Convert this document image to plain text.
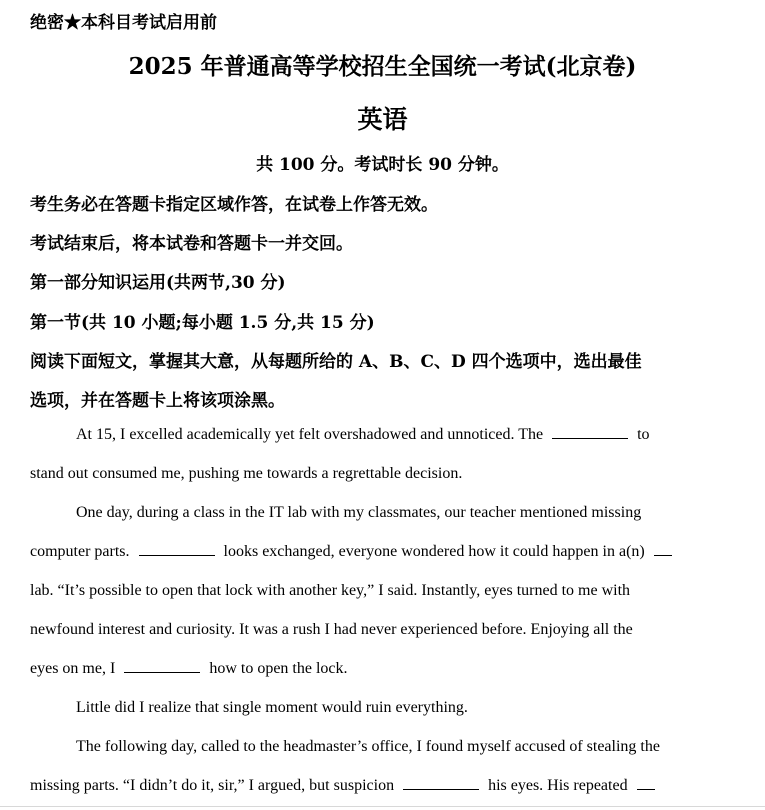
绝密★本科目考试启用前
2025 年普通高等学校招生全国统一考试(北京卷)
英语
共 100 分。考试时长 90 分钟。
考生务必在答题卡指定区域作答，在试卷上作答无效。
考试结束后，将本试卷和答题卡一并交回。
第一部分知识运用(共两节,30 分)
第一节(共 10 小题;每小题 1.5 分,共 15 分)
阅读下面短文，掌握其大意，从每题所给的 A、B、C、D 四个选项中，选出最佳
选项，并在答题卡上将该项涂黑。
At 15, I excelled academically yet felt overshadowed and unnoticed. The	to
stand out consumed me, pushing me towards a regrettable decision.
One day, during a class in the IT lab with my classmates, our teacher mentioned missing
computer parts.	looks exchanged, everyone wondered how it could happen in a(n)
lab. “It’s possible to open that lock with another key,” I said. Instantly, eyes turned to me with
newfound interest and curiosity. It was a rush I had never experienced before. Enjoying all the
eyes on me, I	how to open the lock.
Little did I realize that single moment would ruin everything.
The following day, called to the headmaster’s office, I found myself accused of stealing the
missing parts. “I didn’t do it, sir,” I argued, but suspicion	his eyes. His repeated
